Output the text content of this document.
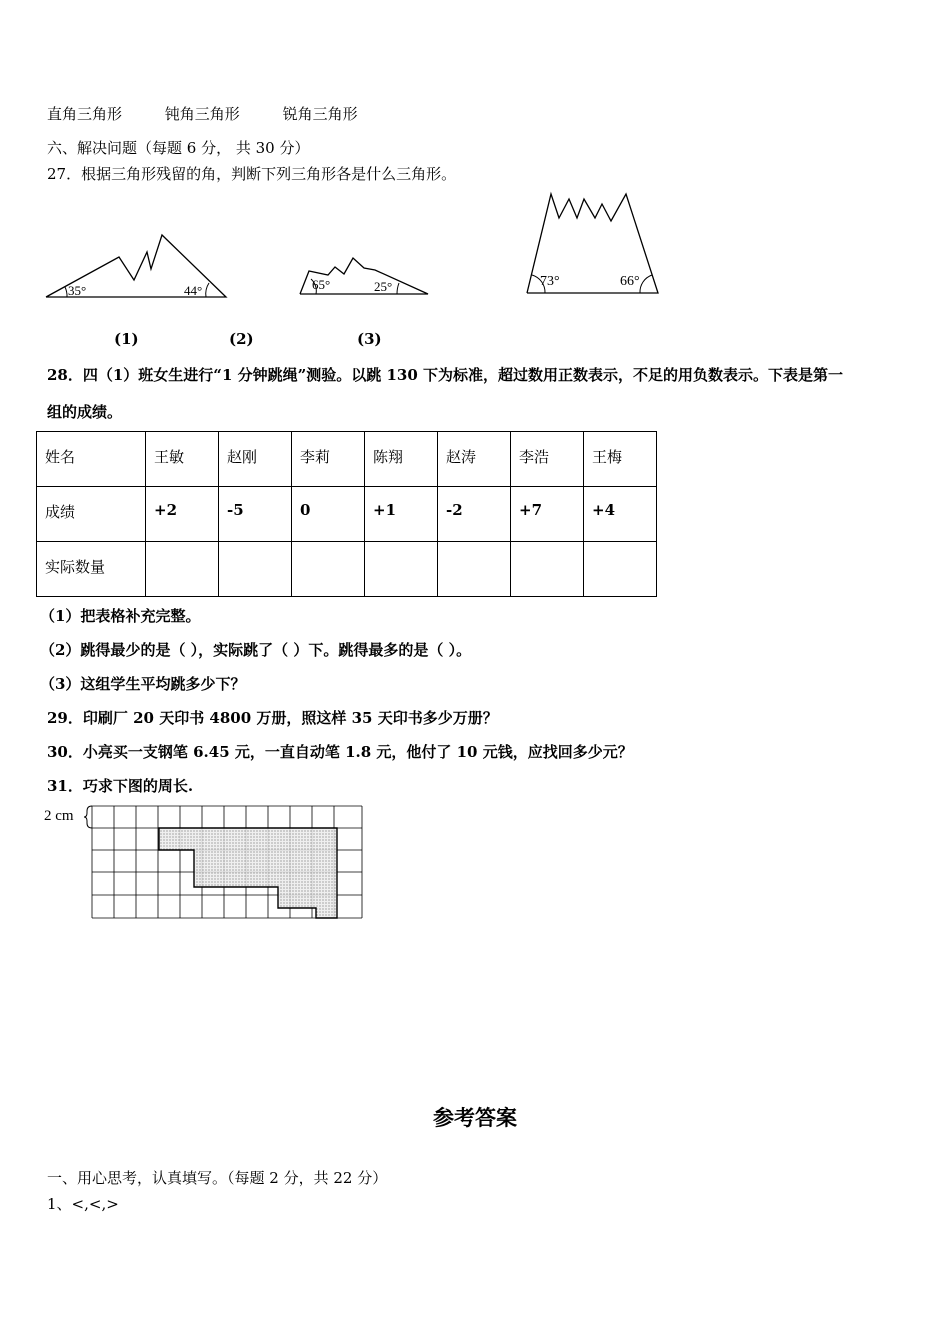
直角三角形	钝角三角形	锐角三角形
六、解决问题（每题 6 分， 共 30 分）
27．根据三角形残留的角，判断下列三角形各是什么三角形。
35°	44°	65°	25°	73°	66°
(1)	(2)	(3)
28．四（1）班女生进行“1 分钟跳绳”测验。以跳 130 下为标准，超过数用正数表示，不足的用负数表示。下表是第一
组的成绩。
姓名	王敏	赵刚	李莉	陈翔	赵涛	李浩	王梅
成绩	+2	-5	0	+1	-2	+7	+4
实际数量							
（1）把表格补充完整。
（2）跳得最少的是（ ），实际跳了（ ）下。跳得最多的是（ ）。
（3）这组学生平均跳多少下？
29．印刷厂 20 天印书 4800 万册，照这样 35 天印书多少万册？
30．小亮买一支钢笔 6.45 元，一直自动笔 1.8 元，他付了 10 元钱，应找回多少元？
31．巧求下图的周长.
2 cm
参考答案
一、用心思考，认真填写。（每题 2 分，共 22 分）
1、<,<,>
